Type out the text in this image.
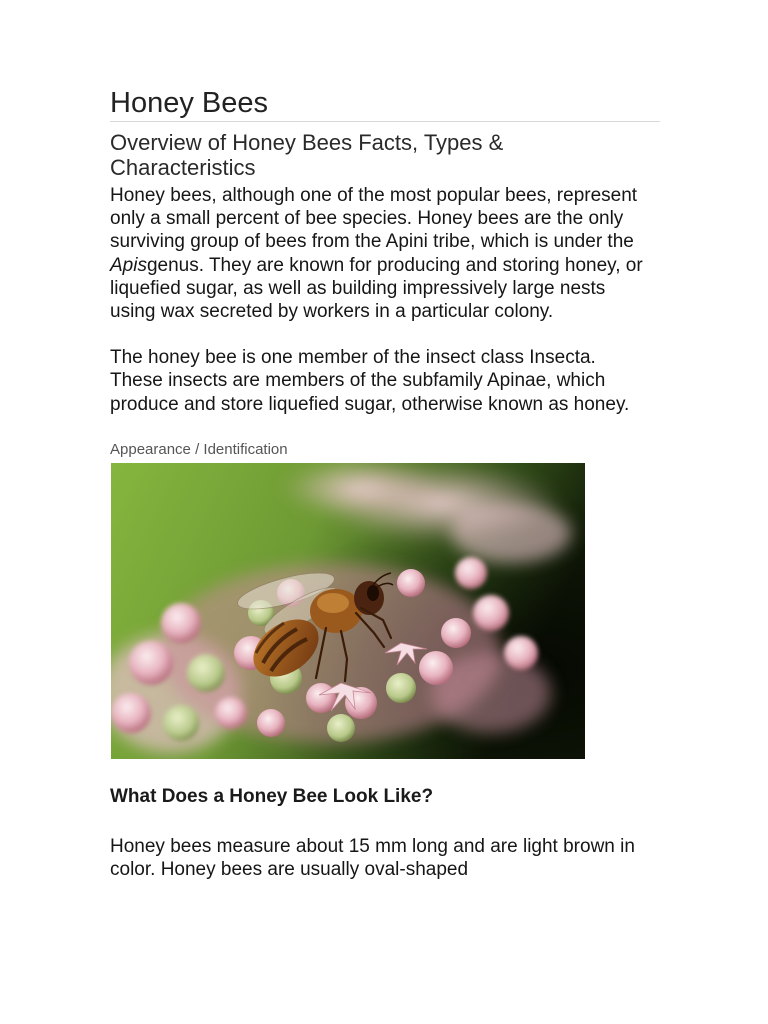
Honey Bees
Overview of Honey Bees Facts, Types & Characteristics

Honey bees, although one of the most popular bees, represent only a small percent of bee species. Honey bees are the only surviving group of bees from the Apini tribe, which is under the Apisgenus. They are known for producing and storing honey, or liquefied sugar, as well as building impressively large nests using wax secreted by workers in a particular colony.

The honey bee is one member of the insect class Insecta. These insects are members of the subfamily Apinae, which produce and store liquefied sugar, otherwise known as honey.

Appearance / Identification
What Does a Honey Bee Look Like?

Honey bees measure about 15 mm long and are light brown in color. Honey bees are usually oval-shaped
